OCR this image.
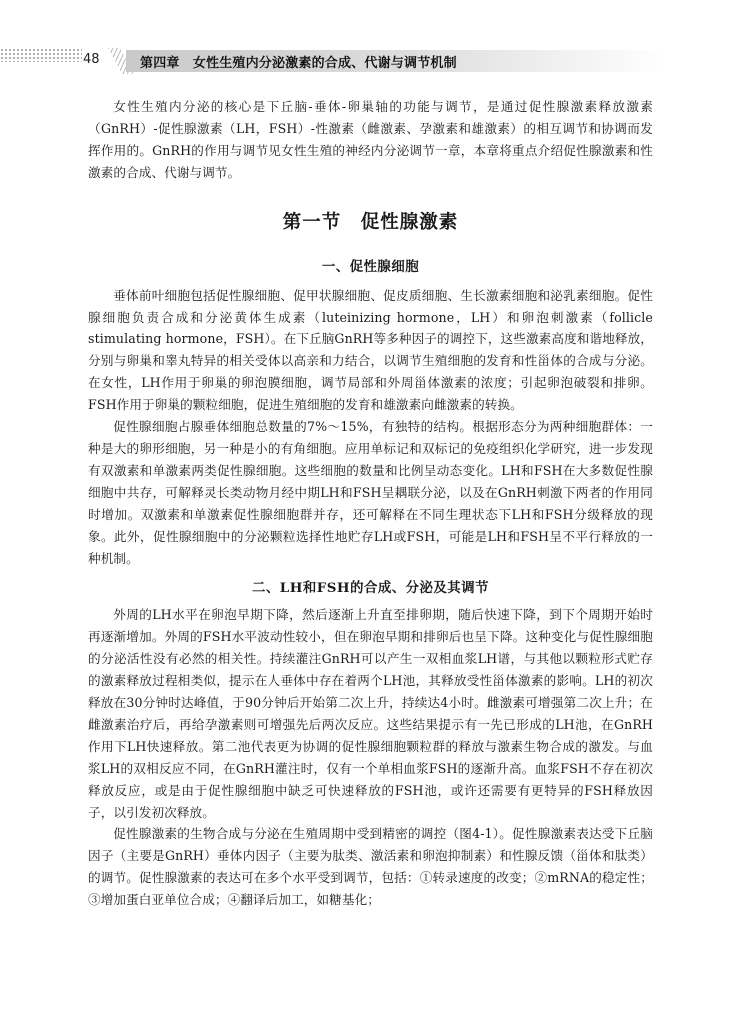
48	第四章　女性生殖内分泌激素的合成、代谢与调节机制

女性生殖内分泌的核心是下丘脑-垂体-卵巢轴的功能与调节，是通过促性腺激素释放激素（GnRH）-促性腺激素（LH，FSH）-性激素（雌激素、孕激素和雄激素）的相互调节和协调而发挥作用的。GnRH的作用与调节见女性生殖的神经内分泌调节一章，本章将重点介绍促性腺激素和性激素的合成、代谢与调节。

第一节　促性腺激素
一、促性腺细胞

垂体前叶细胞包括促性腺细胞、促甲状腺细胞、促皮质细胞、生长激素细胞和泌乳素细胞。促性腺细胞负责合成和分泌黄体生成素（luteinizing hormone，LH）和卵泡刺激素（follicle stimulating hormone，FSH）。在下丘脑GnRH等多种因子的调控下，这些激素高度和谐地释放，分别与卵巢和睾丸特异的相关受体以高亲和力结合，以调节生殖细胞的发育和性甾体的合成与分泌。在女性，LH作用于卵巢的卵泡膜细胞，调节局部和外周甾体激素的浓度；引起卵泡破裂和排卵。FSH作用于卵巢的颗粒细胞，促进生殖细胞的发育和雄激素向雌激素的转换。

促性腺细胞占腺垂体细胞总数量的7%～15%，有独特的结构。根据形态分为两种细胞群体：一种是大的卵形细胞，另一种是小的有角细胞。应用单标记和双标记的免疫组织化学研究，进一步发现有双激素和单激素两类促性腺细胞。这些细胞的数量和比例呈动态变化。LH和FSH在大多数促性腺细胞中共存，可解释灵长类动物月经中期LH和FSH呈耦联分泌，以及在GnRH刺激下两者的作用同时增加。双激素和单激素促性腺细胞群并存，还可解释在不同生理状态下LH和FSH分级释放的现象。此外，促性腺细胞中的分泌颗粒选择性地贮存LH或FSH，可能是LH和FSH呈不平行释放的一种机制。

二、LH和FSH的合成、分泌及其调节

外周的LH水平在卵泡早期下降，然后逐渐上升直至排卵期，随后快速下降，到下个周期开始时再逐渐增加。外周的FSH水平波动性较小，但在卵泡早期和排卵后也呈下降。这种变化与促性腺细胞的分泌活性没有必然的相关性。持续灌注GnRH可以产生一双相血浆LH谱，与其他以颗粒形式贮存的激素释放过程相类似，提示在人垂体中存在着两个LH池，其释放受性甾体激素的影响。LH的初次释放在30分钟时达峰值，于90分钟后开始第二次上升，持续达4小时。雌激素可增强第二次上升；在雌激素治疗后，再给孕激素则可增强先后两次反应。这些结果提示有一先已形成的LH池，在GnRH作用下LH快速释放。第二池代表更为协调的促性腺细胞颗粒群的释放与激素生物合成的激发。与血浆LH的双相反应不同，在GnRH灌注时，仅有一个单相血浆FSH的逐渐升高。血浆FSH不存在初次释放反应，或是由于促性腺细胞中缺乏可快速释放的FSH池，或许还需要有更特异的FSH释放因子，以引发初次释放。

促性腺激素的生物合成与分泌在生殖周期中受到精密的调控（图4-1）。促性腺激素表达受下丘脑因子（主要是GnRH）垂体内因子（主要为肽类、激活素和卵泡抑制素）和性腺反馈（甾体和肽类）的调节。促性腺激素的表达可在多个水平受到调节，包括：①转录速度的改变；②mRNA的稳定性；③增加蛋白亚单位合成；④翻译后加工，如糖基化；
